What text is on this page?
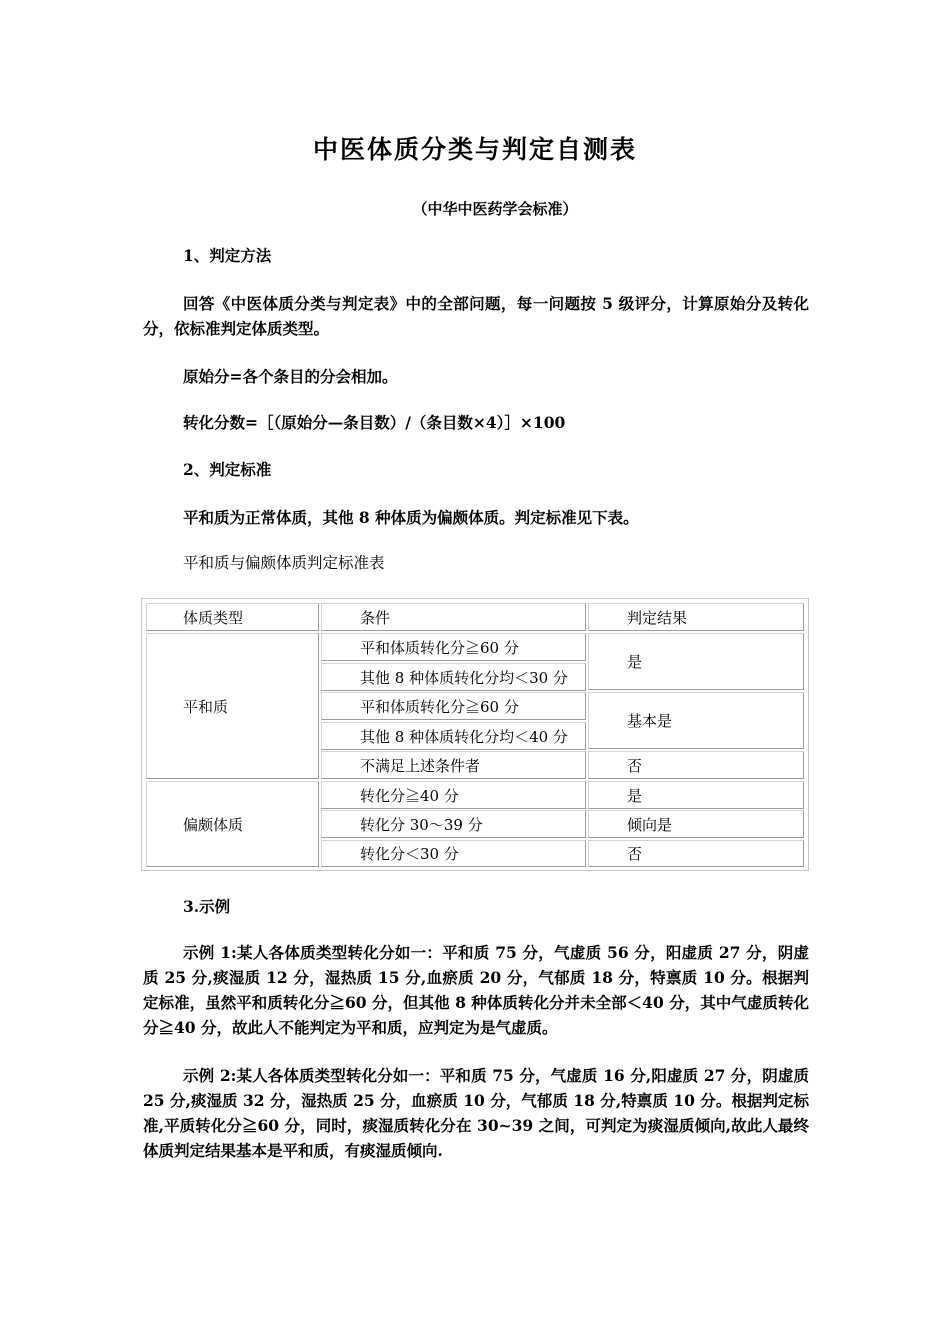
中医体质分类与判定自测表
（中华中医药学会标准）
1、判定方法
回答《中医体质分类与判定表》中的全部问题，每一问题按 5 级评分，计算原始分及转化分，依标准判定体质类型。
原始分=各个条目的分会相加。
转化分数=［（原始分—条目数）/（条目数×4）］×100
2、判定标准
平和质为正常体质，其他 8 种体质为偏颇体质。判定标准见下表。
平和质与偏颇体质判定标准表
体质类型	条件	判定结果
平和质
平和体质转化分≧60 分
其他 8 种体质转化分均＜30 分
平和体质转化分≧60 分
其他 8 种体质转化分均＜40 分
不满足上述条件者
是
基本是
否
偏颇体质
转化分≧40 分
转化分 30～39 分
转化分＜30 分
是
倾向是
否
3.示例
示例 1:某人各体质类型转化分如一：平和质 75 分，气虚质 56 分，阳虚质 27 分，阴虚质 25 分,痰湿质 12 分，湿热质 15 分,血瘀质 20 分，气郁质 18 分，特禀质 10 分。根据判定标准，虽然平和质转化分≧60 分，但其他 8 种体质转化分并未全部＜40 分，其中气虚质转化分≧40 分，故此人不能判定为平和质，应判定为是气虚质。
示例 2:某人各体质类型转化分如一：平和质 75 分，气虚质 16 分,阳虚质 27 分，阴虚质 25 分,痰湿质 32 分，湿热质 25 分，血瘀质 10 分，气郁质 18 分,特禀质 10 分。根据判定标准,平质转化分≧60 分，同时，痰湿质转化分在 30~39 之间，可判定为痰湿质倾向,故此人最终体质判定结果基本是平和质，有痰湿质倾向.
